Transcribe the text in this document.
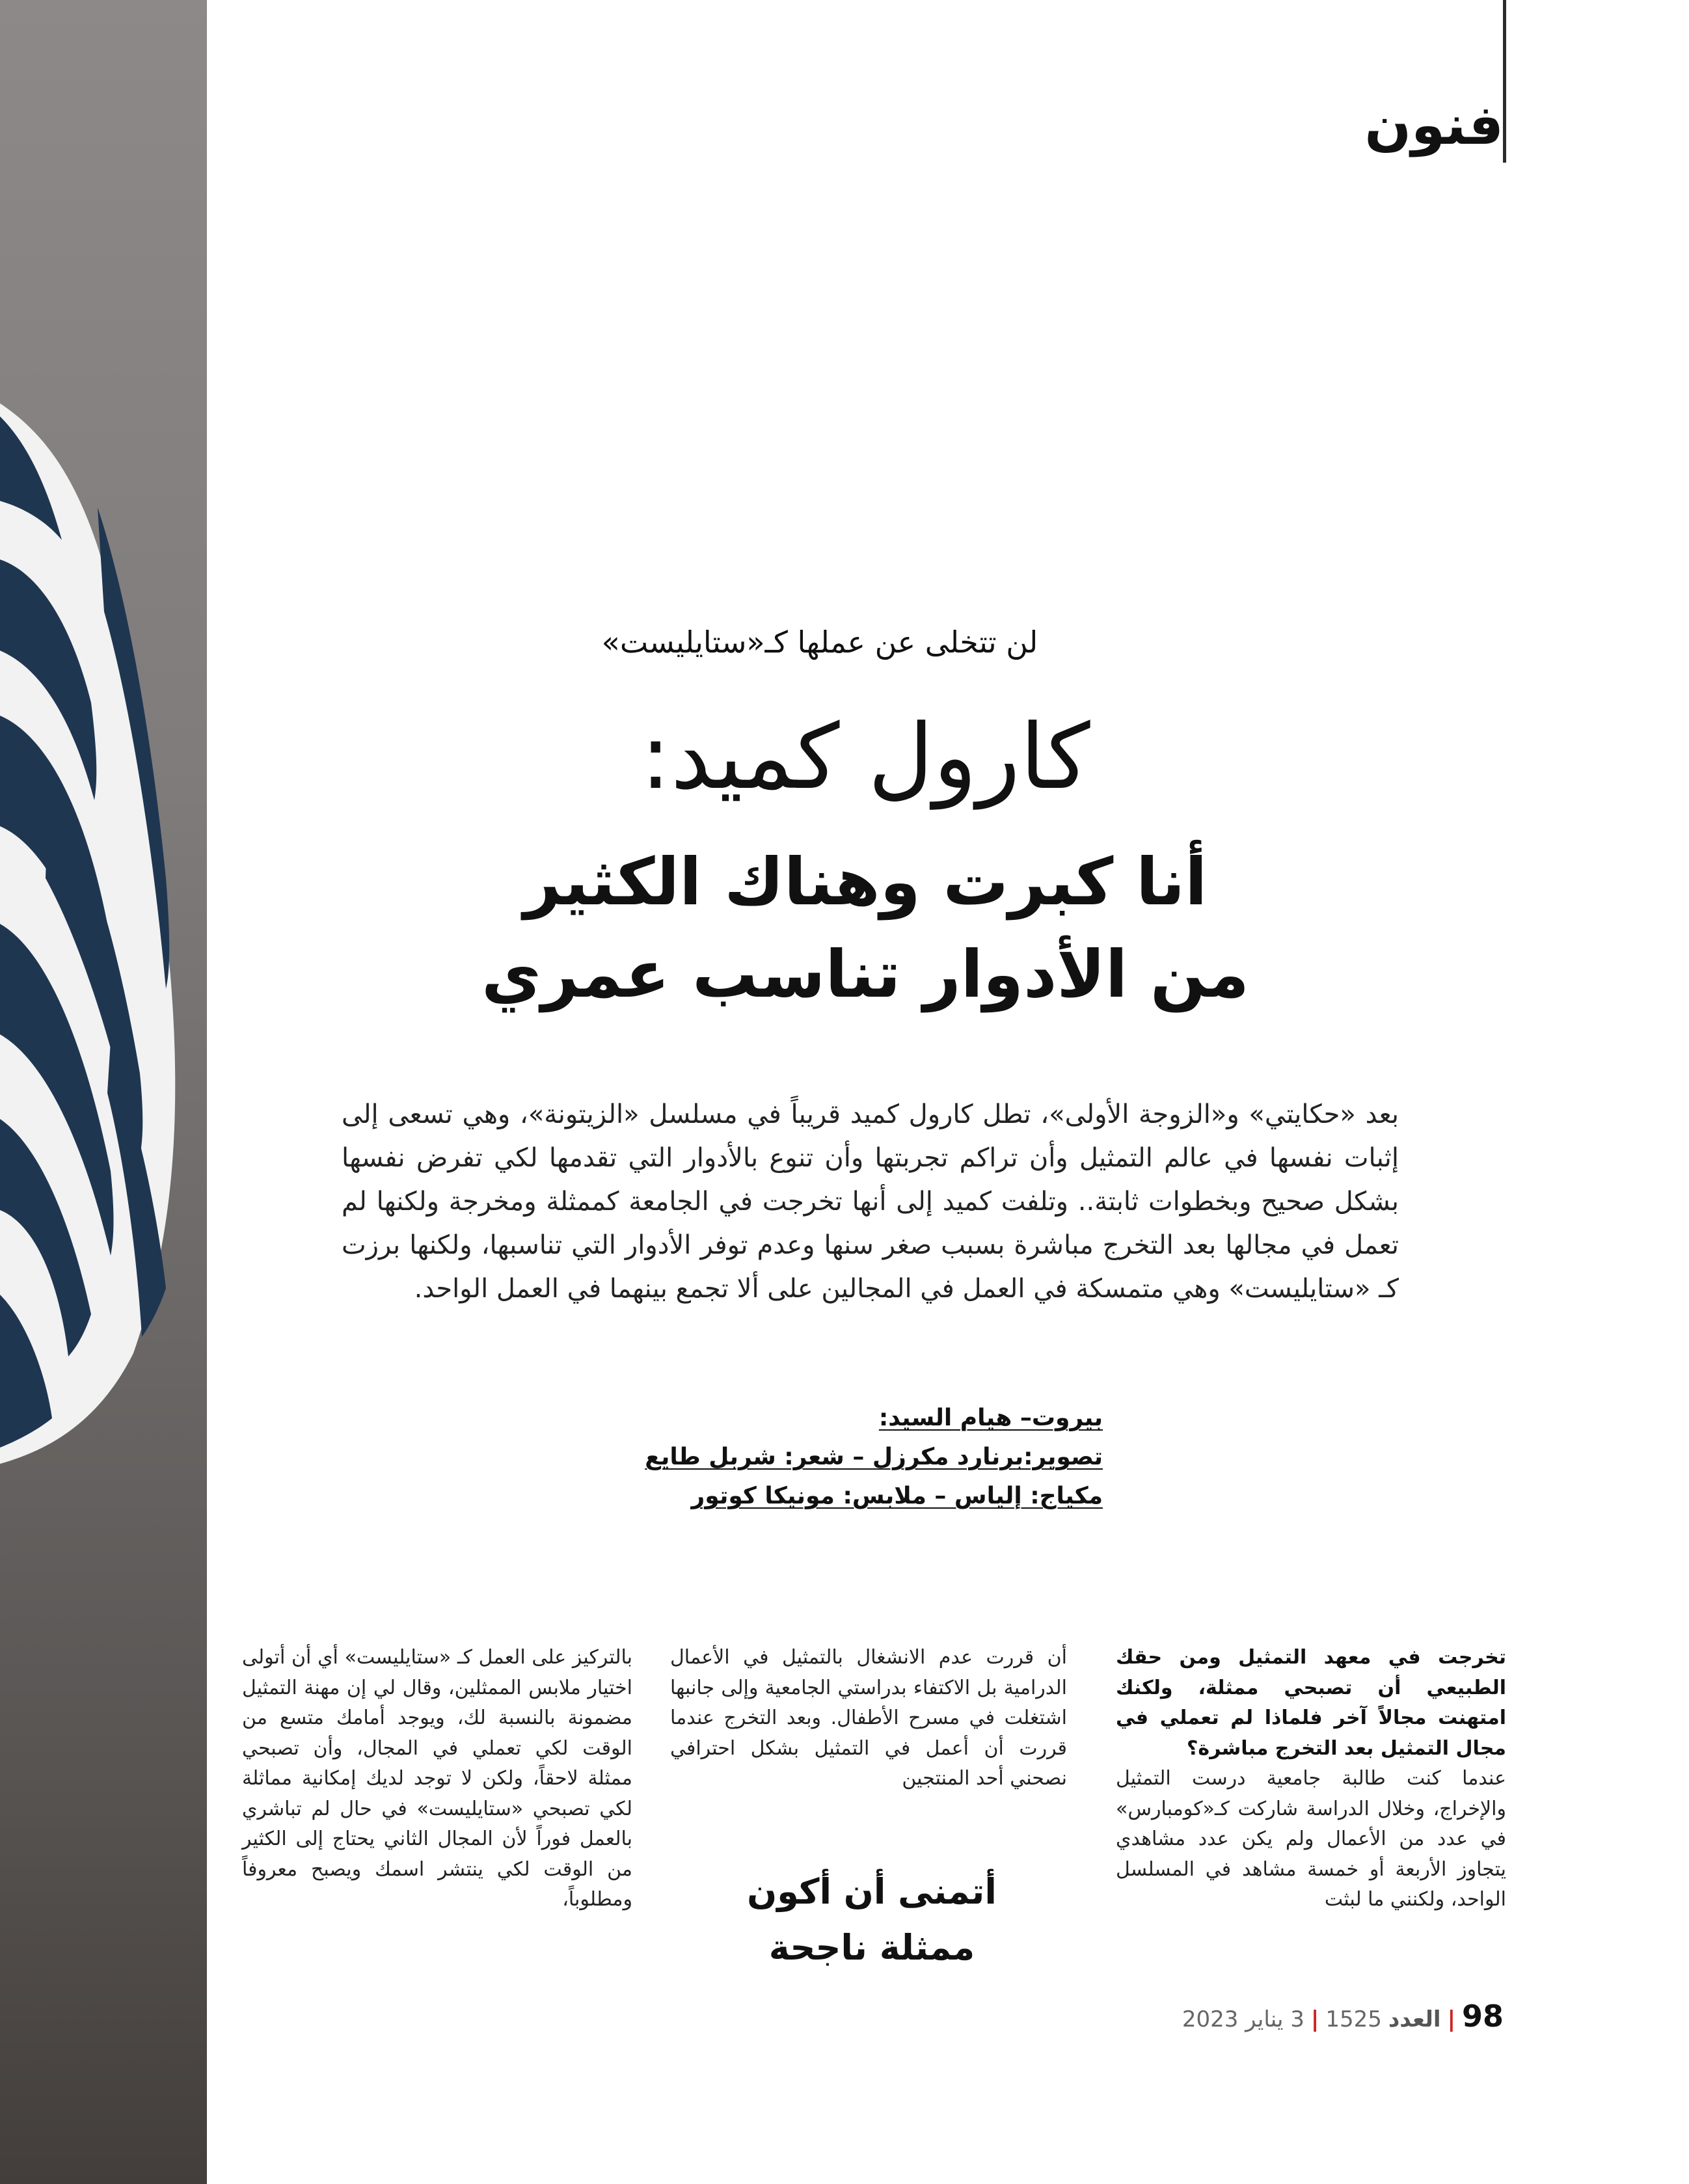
فنون
لن تتخلى عن عملها كـ«ستايليست»
كارول كميد:
أنا كبرت وهناك الكثير
من الأدوار تناسب عمري
بعد «حكايتي» و«الزوجة الأولى»، تطل كارول كميد قريباً في مسلسل «الزيتونة»، وهي تسعى إلى إثبات نفسها في عالم التمثيل وأن تراكم تجربتها وأن تنوع بالأدوار التي تقدمها لكي تفرض نفسها بشكل صحيح وبخطوات ثابتة.. وتلفت كميد إلى أنها تخرجت في الجامعة كممثلة ومخرجة ولكنها لم تعمل في مجالها بعد التخرج مباشرة بسبب صغر سنها وعدم توفر الأدوار التي تناسبها، ولكنها برزت كـ «ستايليست» وهي متمسكة في العمل في المجالين على ألا تجمع بينهما في العمل الواحد.
بيروت– هيام السيد:
تصوير:برنارد مكرزل – شعر: شربل طايع
مكياج: إلياس – ملابس: مونيكا كوتور
تخرجت في معهد التمثيل ومن حقك الطبيعي أن تصبحي ممثلة، ولكنك امتهنت مجالاً آخر فلماذا لم تعملي في مجال التمثيل بعد التخرج مباشرة؟
عندما كنت طالبة جامعية درست التمثيل والإخراج، وخلال الدراسة شاركت كـ«كومبارس» في عدد من الأعمال ولم يكن عدد مشاهدي يتجاوز الأربعة أو خمسة مشاهد في المسلسل الواحد، ولكنني ما لبثت
أن قررت عدم الانشغال بالتمثيل في الأعمال الدرامية بل الاكتفاء بدراستي الجامعية وإلى جانبها اشتغلت في مسرح الأطفال. وبعد التخرج عندما قررت أن أعمل في التمثيل بشكل احترافي نصحني أحد المنتجين
أتمنى أن أكون
ممثلة ناجحة
بالتركيز على العمل كـ «ستايليست» أي أن أتولى اختيار ملابس الممثلين، وقال لي إن مهنة التمثيل مضمونة بالنسبة لك، ويوجد أمامك متسع من الوقت لكي تعملي في المجال، وأن تصبحي ممثلة لاحقاً، ولكن لا توجد لديك إمكانية مماثلة لكي تصبحي «ستايليست» في حال لم تباشري بالعمل فوراً لأن المجال الثاني يحتاج إلى الكثير من الوقت لكي ينتشر اسمك ويصبح معروفاً ومطلوباً،
98
|
العدد
1525
|
3 يناير 2023
